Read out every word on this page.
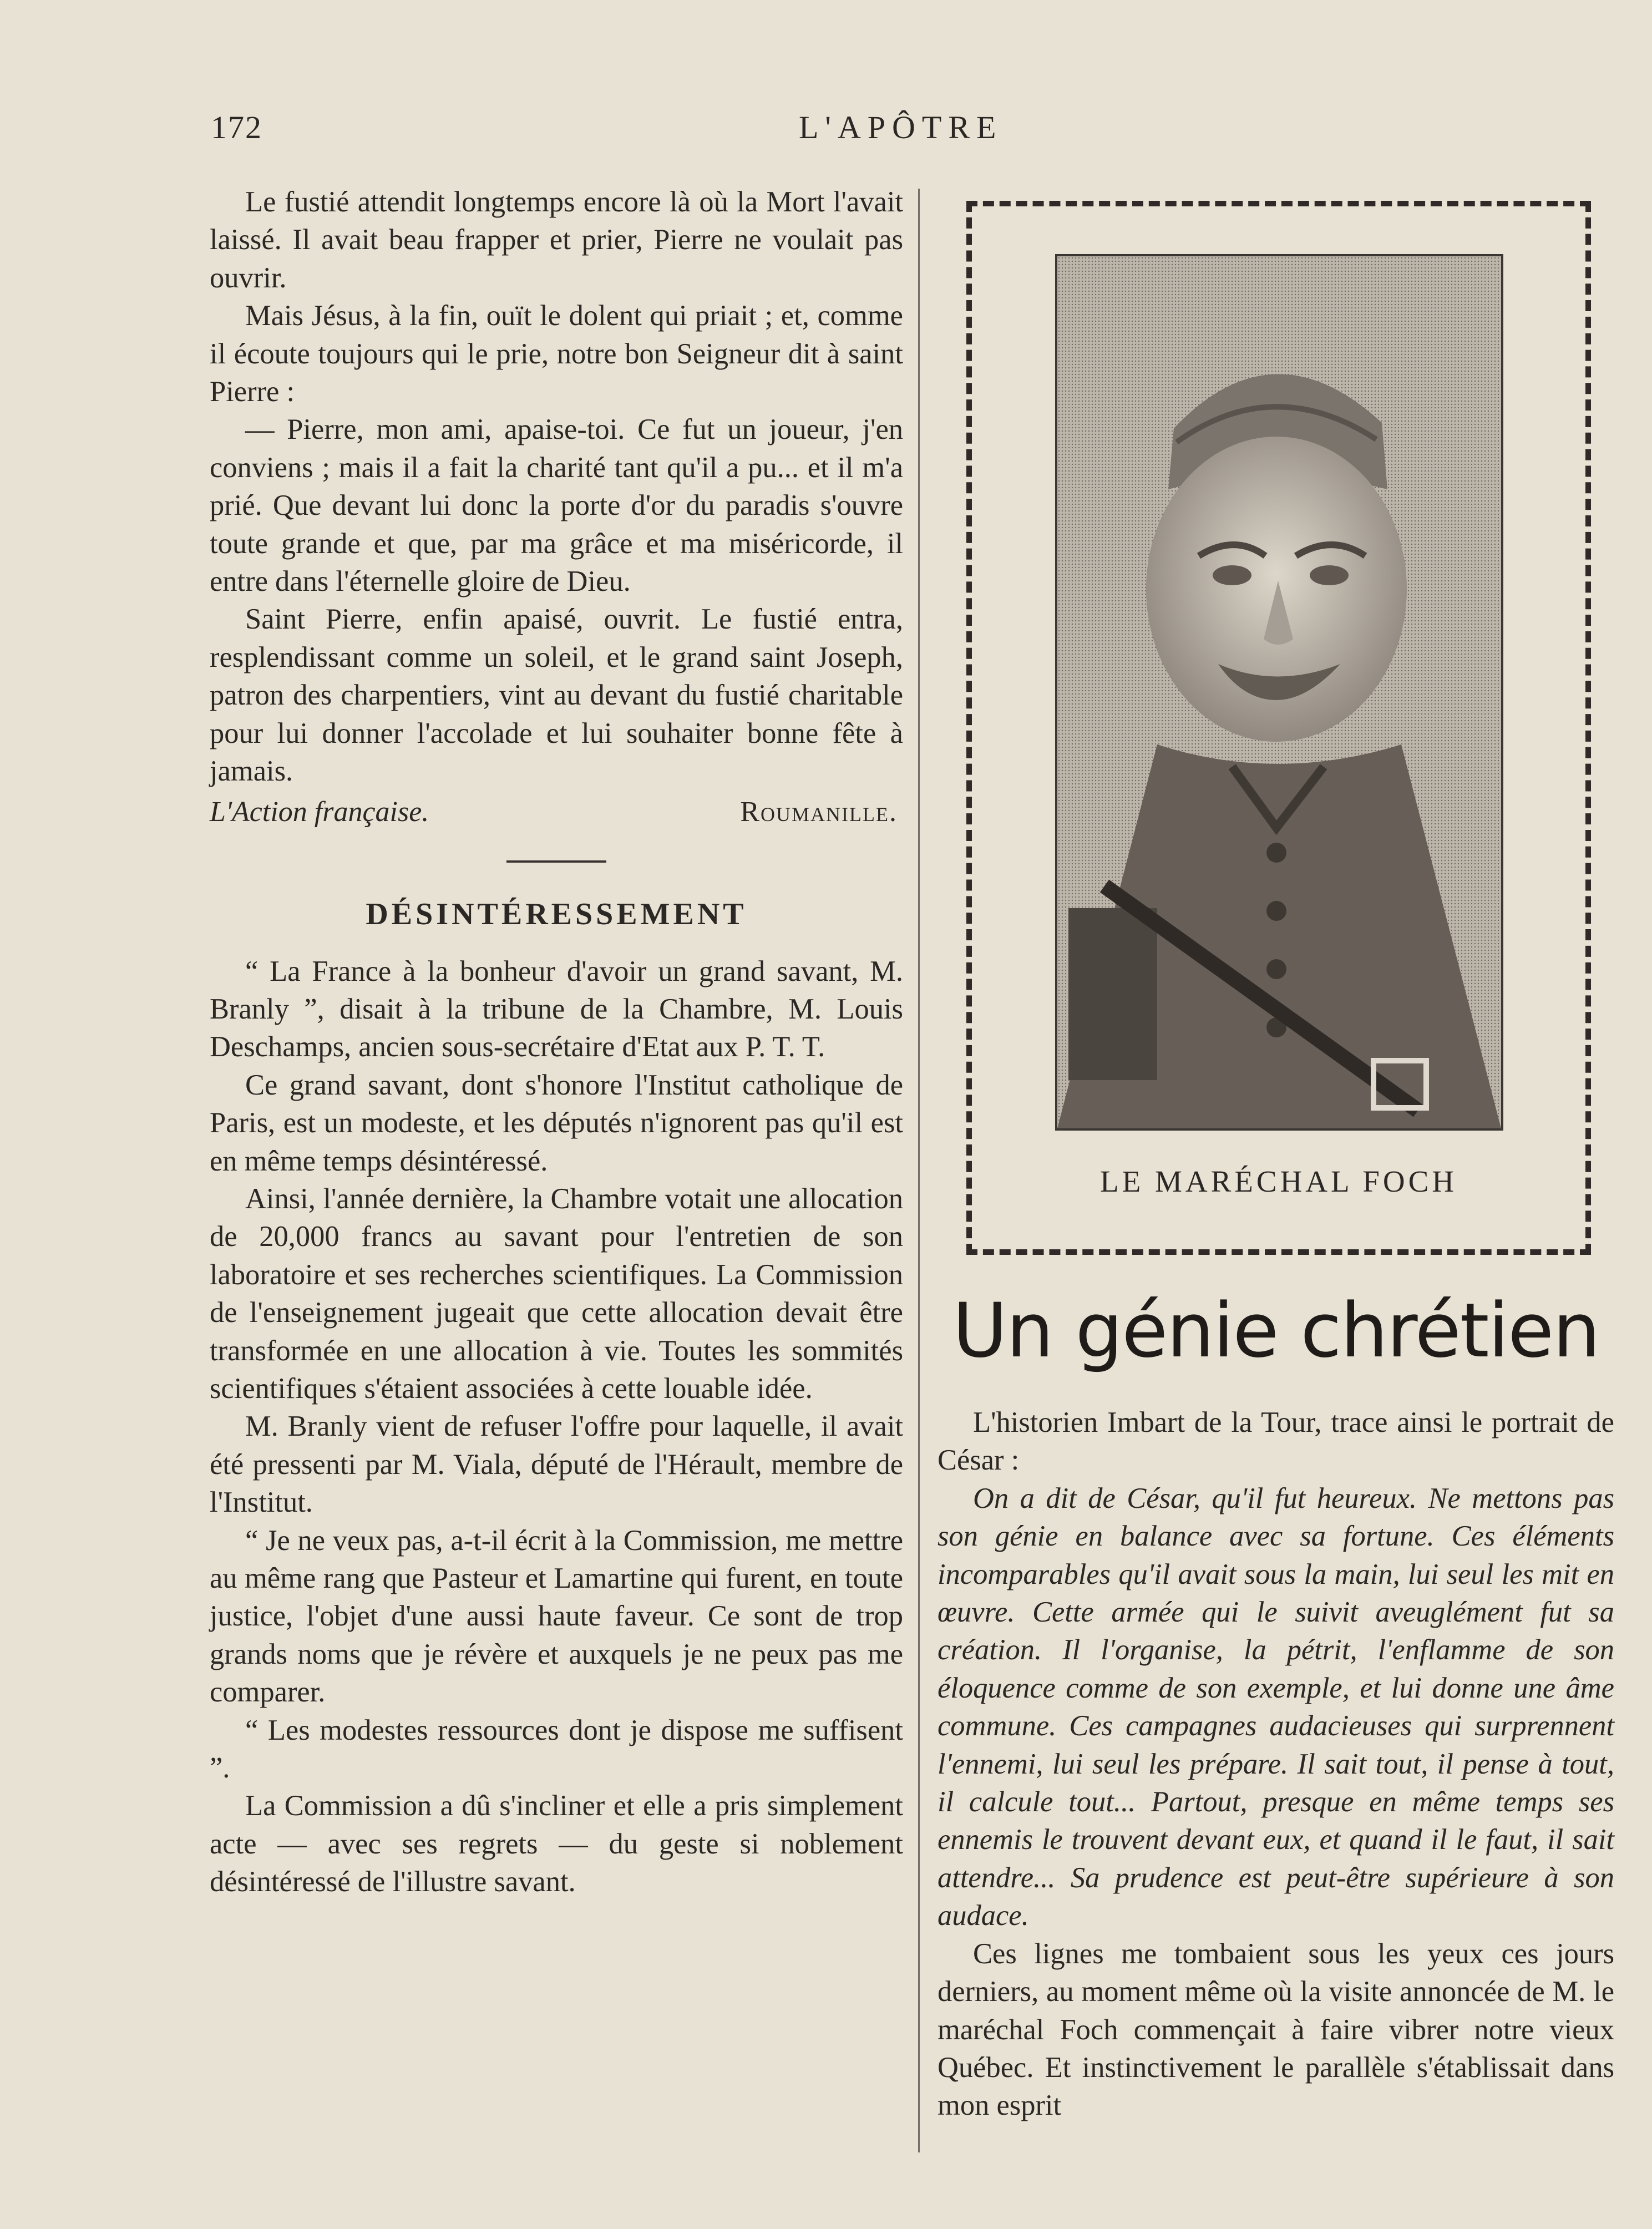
172	L'APÔTRE

Le fustié attendit longtemps encore là où la Mort l'avait laissé. Il avait beau frapper et prier, Pierre ne voulait pas ouvrir.

Mais Jésus, à la fin, ouït le dolent qui priait ; et, comme il écoute toujours qui le prie, notre bon Seigneur dit à saint Pierre :

— Pierre, mon ami, apaise-toi. Ce fut un joueur, j'en conviens ; mais il a fait la charité tant qu'il a pu... et il m'a prié. Que devant lui donc la porte d'or du paradis s'ouvre toute grande et que, par ma grâce et ma miséricorde, il entre dans l'éternelle gloire de Dieu.

Saint Pierre, enfin apaisé, ouvrit. Le fustié entra, resplendissant comme un soleil, et le grand saint Joseph, patron des charpentiers, vint au devant du fustié charitable pour lui donner l'accolade et lui souhaiter bonne fête à jamais.

L'Action française.	Roumanille.
DÉSINTÉRESSEMENT

“ La France à la bonheur d'avoir un grand savant, M. Branly ”, disait à la tribune de la Chambre, M. Louis Deschamps, ancien sous-secrétaire d'Etat aux P. T. T.

Ce grand savant, dont s'honore l'Institut catholique de Paris, est un modeste, et les députés n'ignorent pas qu'il est en même temps désintéressé.

Ainsi, l'année dernière, la Chambre votait une allocation de 20,000 francs au savant pour l'entretien de son laboratoire et ses recherches scientifiques. La Commission de l'enseignement jugeait que cette allocation devait être transformée en une allocation à vie. Toutes les sommités scientifiques s'étaient associées à cette louable idée.

M. Branly vient de refuser l'offre pour laquelle, il avait été pressenti par M. Viala, député de l'Hérault, membre de l'Institut.

“ Je ne veux pas, a-t-il écrit à la Commission, me mettre au même rang que Pasteur et Lamartine qui furent, en toute justice, l'objet d'une aussi haute faveur. Ce sont de trop grands noms que je révère et auxquels je ne peux pas me comparer.

“ Les modestes ressources dont je dispose me suffisent ”.

La Commission a dû s'incliner et elle a pris simplement acte — avec ses regrets — du geste si noblement désintéressé de l'illustre savant.

LE MARÉCHAL FOCH
Un génie chrétien

L'historien Imbart de la Tour, trace ainsi le portrait de César :

On a dit de César, qu'il fut heureux. Ne mettons pas son génie en balance avec sa fortune. Ces éléments incomparables qu'il avait sous la main, lui seul les mit en œuvre. Cette armée qui le suivit aveuglément fut sa création. Il l'organise, la pétrit, l'enflamme de son éloquence comme de son exemple, et lui donne une âme commune. Ces campagnes audacieuses qui surprennent l'ennemi, lui seul les prépare. Il sait tout, il pense à tout, il calcule tout... Partout, presque en même temps ses ennemis le trouvent devant eux, et quand il le faut, il sait attendre... Sa prudence est peut-être supérieure à son audace.

Ces lignes me tombaient sous les yeux ces jours derniers, au moment même où la visite annoncée de M. le maréchal Foch commençait à faire vibrer notre vieux Québec. Et instinctivement le parallèle s'établissait dans mon esprit
